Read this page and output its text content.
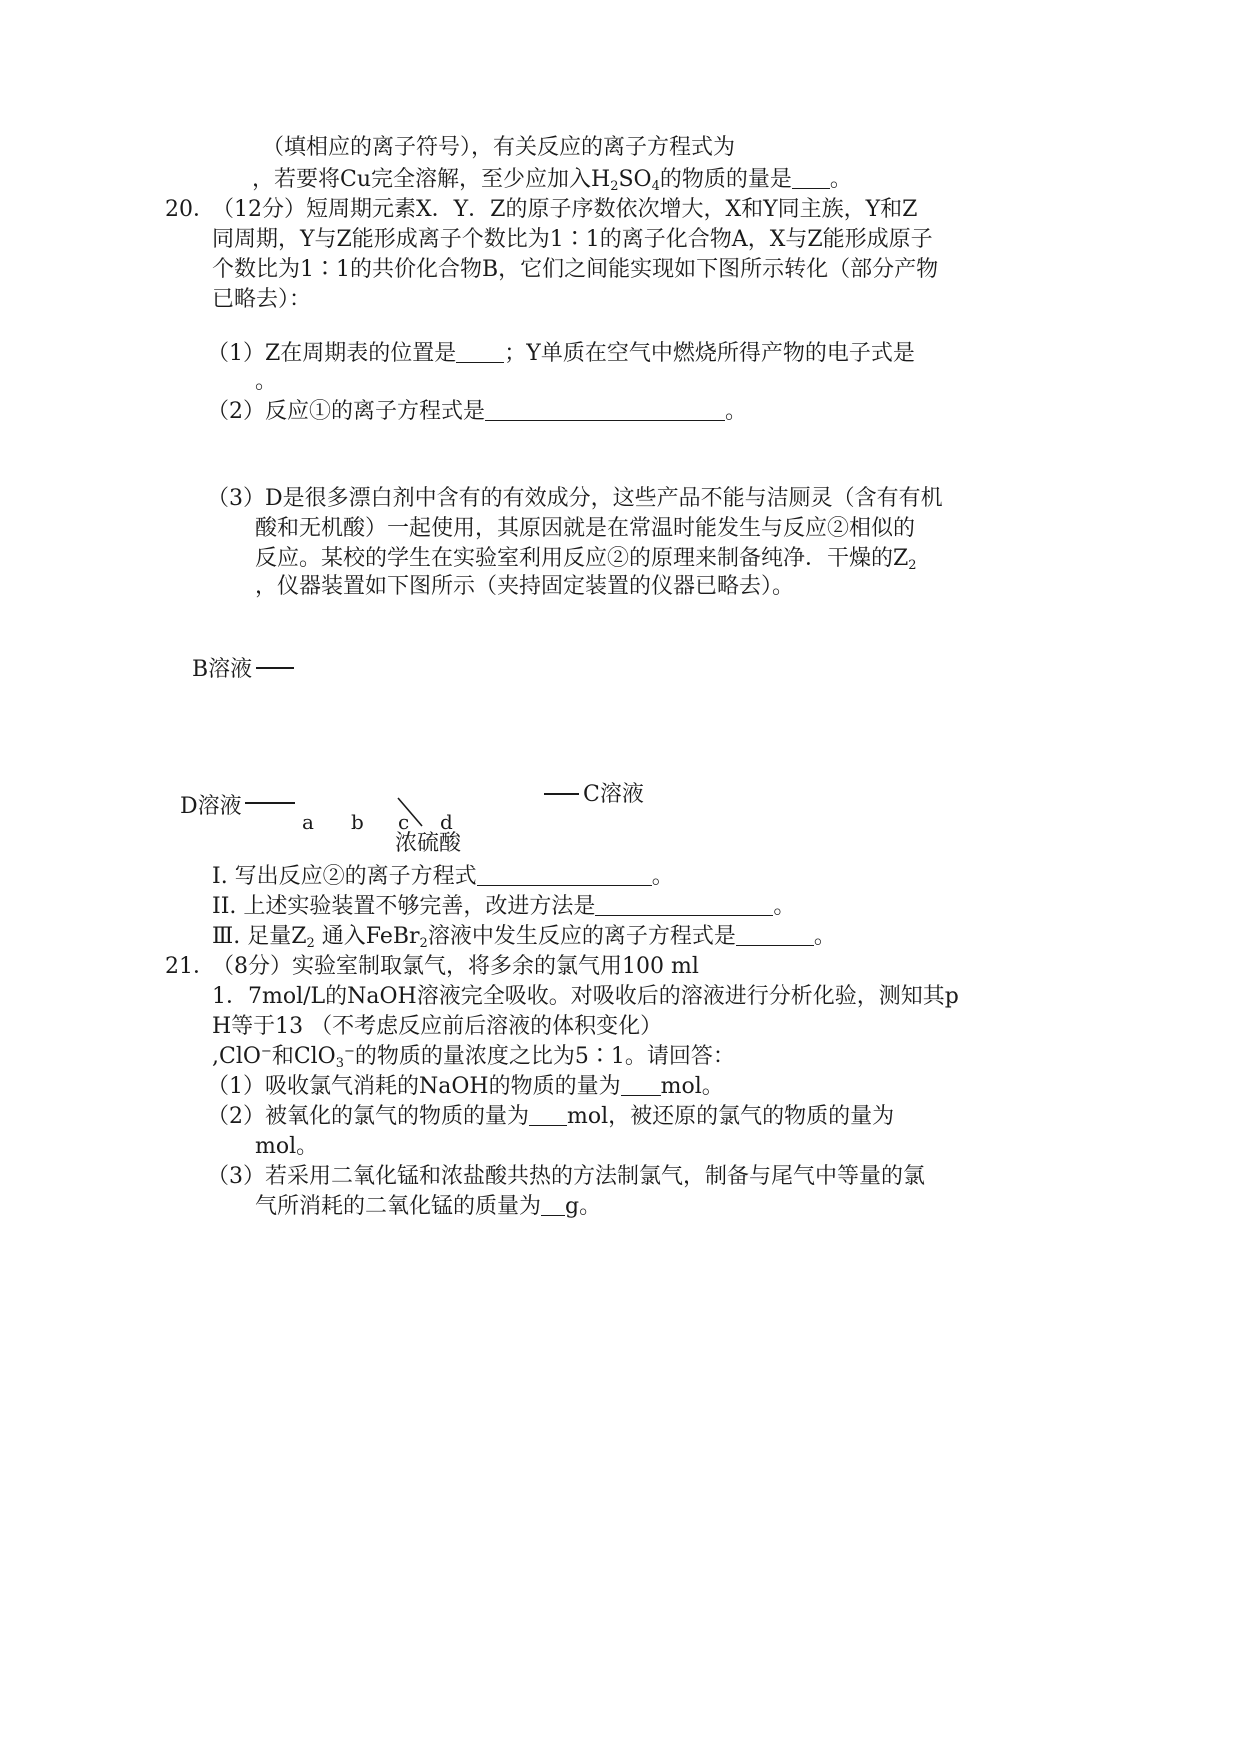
（填相应的离子符号），有关反应的离子方程式为
，若要将Cu完全溶解，至少应加入$H_2SO_4$的物质的量是 。
20．
（12分）短周期元素X．Y．Z的原子序数依次增大，X和Y同主族，Y和Z
同周期，Y与Z能形成离子个数比为1∶1的离子化合物A，X与Z能形成原子
个数比为1∶1的共价化合物B，它们之间能实现如下图所示转化（部分产物
已略去）：
（1）Z在周期表的位置是 ；Y单质在空气中燃烧所得产物的电子式是
。
（2）反应①的离子方程式是	。
（3）D是很多漂白剂中含有的有效成分，这些产品不能与洁厕灵（含有有机
酸和无机酸）一起使用，其原因就是在常温时能发生与反应②相似的
反应。某校的学生在实验室利用反应②的原理来制备纯净．干燥的$Z_2$
，仪器装置如下图所示（夹持固定装置的仪器已略去）。
B溶液
D溶液	C溶液
a b c d
浓硫酸
I. 写出反应②的离子方程式	。
II. 上述实验装置不够完善，改进方法是	。
Ⅲ. 足量$Z_2$ 通入FeBr$_2$溶液中发生反应的离子方程式是	。
21．
（8分）实验室制取氯气，将多余的氯气用100 ml
1．7mol/L的NaOH溶液完全吸收。对吸收后的溶液进行分析化验，测知其p
H等于13 （不考虑反应前后溶液的体积变化）
,ClO−和ClO$_3$−的物质的量浓度之比为5∶1。请回答：
（1）吸收氯气消耗的NaOH的物质的量为 mol。
（2）被氧化的氯气的物质的量为 mol，被还原的氯气的物质的量为
mol。
（3）若采用二氧化锰和浓盐酸共热的方法制氯气，制备与尾气中等量的氯
气所消耗的二氧化锰的质量为 g。
